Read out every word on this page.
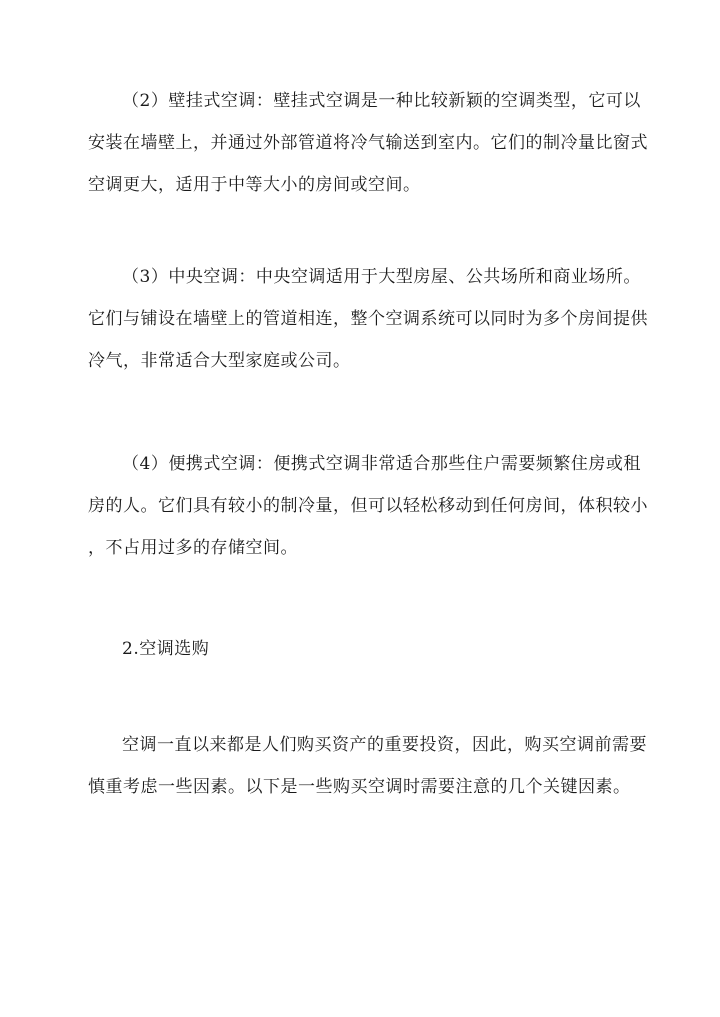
（2）壁挂式空调：壁挂式空调是一种比较新颖的空调类型，它可以
安装在墙壁上，并通过外部管道将冷气输送到室内。它们的制冷量比窗式
空调更大，适用于中等大小的房间或空间。

（3）中央空调：中央空调适用于大型房屋、公共场所和商业场所。
它们与铺设在墙壁上的管道相连，整个空调系统可以同时为多个房间提供
冷气，非常适合大型家庭或公司。

（4）便携式空调：便携式空调非常适合那些住户需要频繁住房或租
房的人。它们具有较小的制冷量，但可以轻松移动到任何房间，体积较小
，不占用过多的存储空间。

2.空调选购

空调一直以来都是人们购买资产的重要投资，因此，购买空调前需要
慎重考虑一些因素。以下是一些购买空调时需要注意的几个关键因素。
